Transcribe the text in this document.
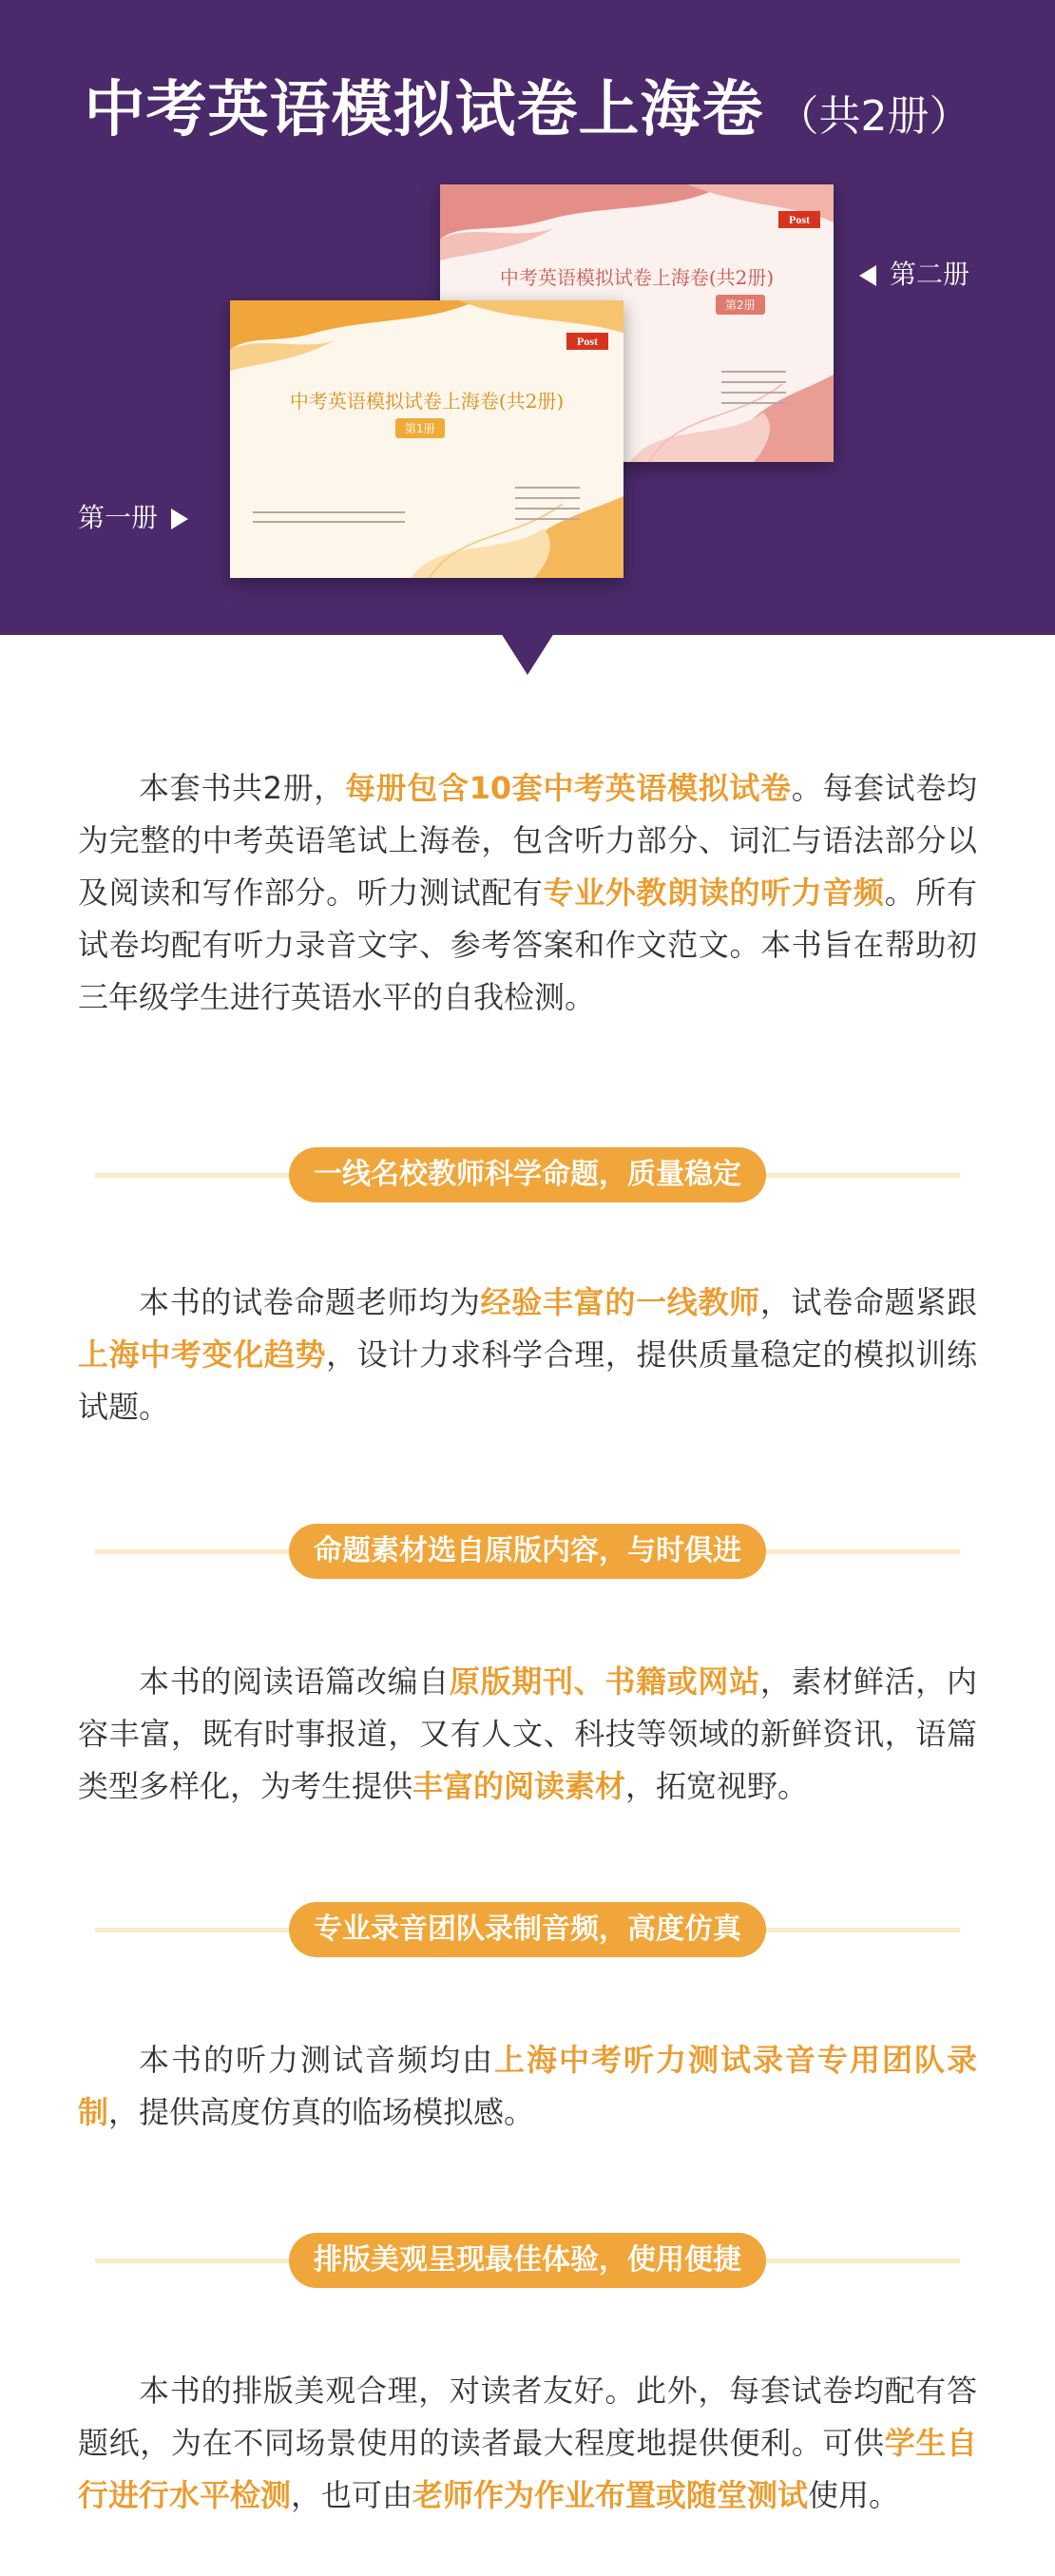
中考英语模拟试卷上海卷 （共2册）
Post
中考英语模拟试卷上海卷(共2册)
第2册
Post
中考英语模拟试卷上海卷(共2册)
第1册
第二册
第一册

本套书共2册，每册包含10套中考英语模拟试卷。每套试卷均为完整的中考英语笔试上海卷，包含听力部分、词汇与语法部分以及阅读和写作部分。听力测试配有专业外教朗读的听力音频。所有试卷均配有听力录音文字、参考答案和作文范文。本书旨在帮助初三年级学生进行英语水平的自我检测。

一线名校教师科学命题，质量稳定

本书的试卷命题老师均为经验丰富的一线教师，试卷命题紧跟上海中考变化趋势，设计力求科学合理，提供质量稳定的模拟训练试题。

命题素材选自原版内容，与时俱进

本书的阅读语篇改编自原版期刊、书籍或网站，素材鲜活，内容丰富，既有时事报道，又有人文、科技等领域的新鲜资讯，语篇类型多样化，为考生提供丰富的阅读素材，拓宽视野。

专业录音团队录制音频，高度仿真

本书的听力测试音频均由上海中考听力测试录音专用团队录制，提供高度仿真的临场模拟感。

排版美观呈现最佳体验，使用便捷

本书的排版美观合理，对读者友好。此外，每套试卷均配有答题纸，为在不同场景使用的读者最大程度地提供便利。可供学生自行进行水平检测，也可由老师作为作业布置或随堂测试使用。
